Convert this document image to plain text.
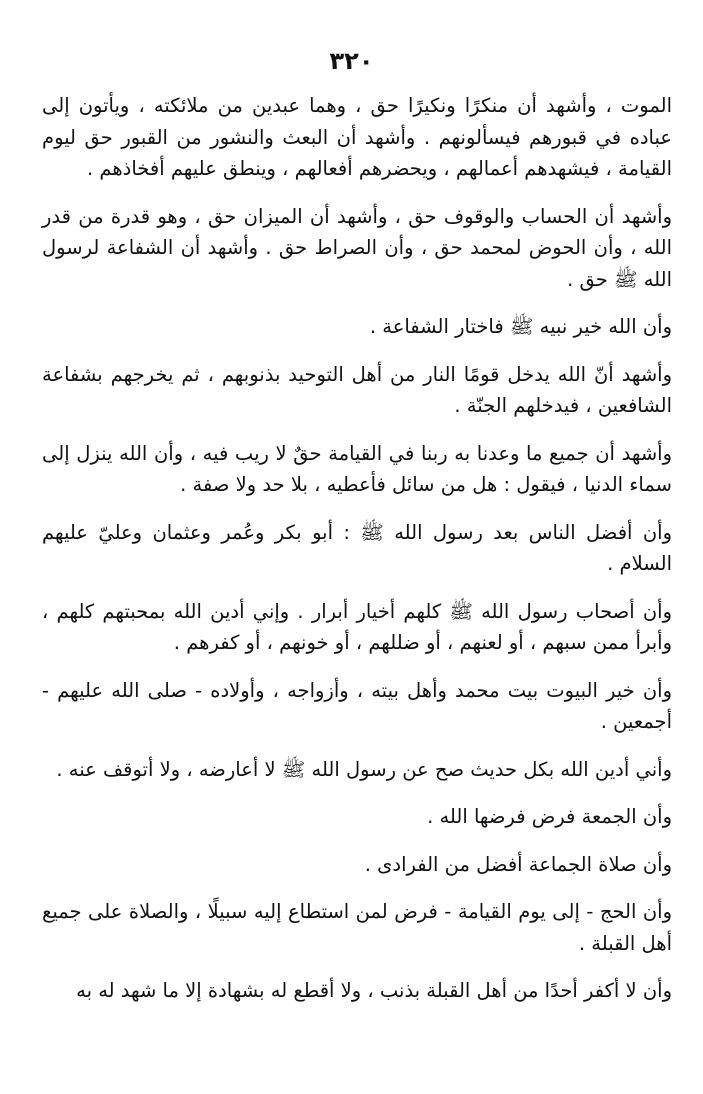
٣٢٠

الموت ، وأشهد أن منكرًا ونكيرًا حق ، وهما عبدين من ملائكته ، ويأتون إلى عباده في قبورهم فيسألونهم . وأشهد أن البعث والنشور من القبور حق ليوم القيامة ، فيشهدهم أعمالهم ، ويحضرهم أفعالهم ، وينطق عليهم أفخاذهم .

وأشهد أن الحساب والوقوف حق ، وأشهد أن الميزان حق ، وهو قدرة من قدر الله ، وأن الحوض لمحمد حق ، وأن الصراط حق . وأشهد أن الشفاعة لرسول الله ﷺ حق .

وأن الله خير نبيه ﷺ فاختار الشفاعة .

وأشهد أنّ الله يدخل قومًا النار من أهل التوحيد بذنوبهم ، ثم يخرجهم بشفاعة الشافعين ، فيدخلهم الجنّة .

وأشهد أن جميع ما وعدنا به ربنا في القيامة حقٌ لا ريب فيه ، وأن الله ينزل إلى سماء الدنيا ، فيقول : هل من سائل فأعطيه ، بلا حد ولا صفة .

وأن أفضل الناس بعد رسول الله ﷺ : أبو بكر وعُمر وعثمان وعليّ عليهم السلام .

وأن أصحاب رسول الله ﷺ كلهم أخيار أبرار . وإني أدين الله بمحبتهم كلهم ، وأبرأ ممن سبهم ، أو لعنهم ، أو ضللهم ، أو خونهم ، أو كفرهم .

وأن خير البيوت بيت محمد وأهل بيته ، وأزواجه ، وأولاده - صلى الله عليهم - أجمعين .

وأني أدين الله بكل حديث صح عن رسول الله ﷺ لا أعارضه ، ولا أتوقف عنه .

وأن الجمعة فرض فرضها الله .

وأن صلاة الجماعة أفضل من الفرادى .

وأن الحج - إلى يوم القيامة - فرض لمن استطاع إليه سبيلًا ، والصلاة على جميع أهل القبلة .

وأن لا أكفر أحدًا من أهل القبلة بذنب ، ولا أقطع له بشهادة إلا ما شهد له به
